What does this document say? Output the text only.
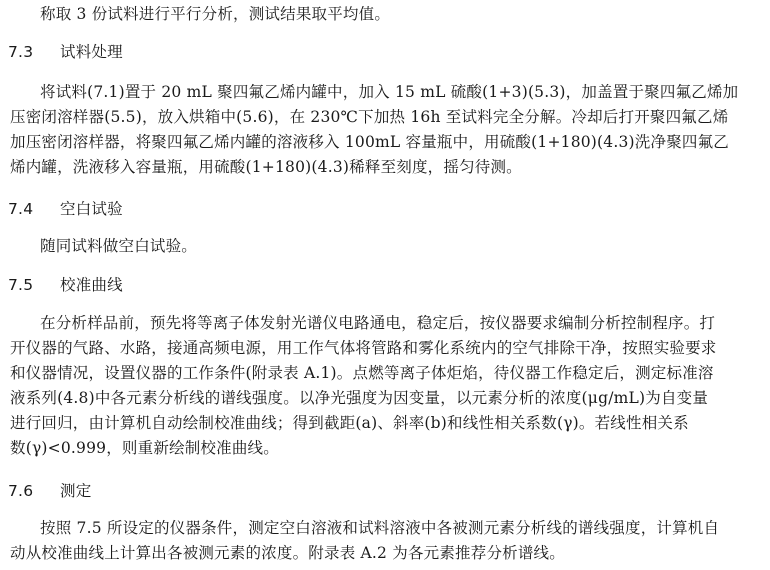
称取 3 份试料进行平行分析，测试结果取平均值。
7.3 试料处理
将试料(7.1)置于 20 mL 聚四氟乙烯内罐中，加入 15 mL 硫酸(1+3)(5.3)，加盖置于聚四氟乙烯加
压密闭溶样器(5.5)，放入烘箱中(5.6)，在 230℃下加热 16h 至试料完全分解。冷却后打开聚四氟乙烯
加压密闭溶样器，将聚四氟乙烯内罐的溶液移入 100mL 容量瓶中，用硫酸(1+180)(4.3)洗净聚四氟乙
烯内罐，洗液移入容量瓶，用硫酸(1+180)(4.3)稀释至刻度，摇匀待测。
7.4 空白试验
随同试料做空白试验。
7.5 校准曲线
在分析样品前，预先将等离子体发射光谱仪电路通电，稳定后，按仪器要求编制分析控制程序。打
开仪器的气路、水路，接通高频电源，用工作气体将管路和雾化系统内的空气排除干净，按照实验要求
和仪器情况，设置仪器的工作条件(附录表 A.1)。点燃等离子体炬焰，待仪器工作稳定后，测定标准溶
液系列(4.8)中各元素分析线的谱线强度。以净光强度为因变量，以元素分析的浓度(μg/mL)为自变量
进行回归，由计算机自动绘制校准曲线；得到截距(a)、斜率(b)和线性相关系数(γ)。若线性相关系
数(γ)<0.999，则重新绘制校准曲线。
7.6 测定
按照 7.5 所设定的仪器条件，测定空白溶液和试料溶液中各被测元素分析线的谱线强度，计算机自
动从校准曲线上计算出各被测元素的浓度。附录表 A.2 为各元素推荐分析谱线。
